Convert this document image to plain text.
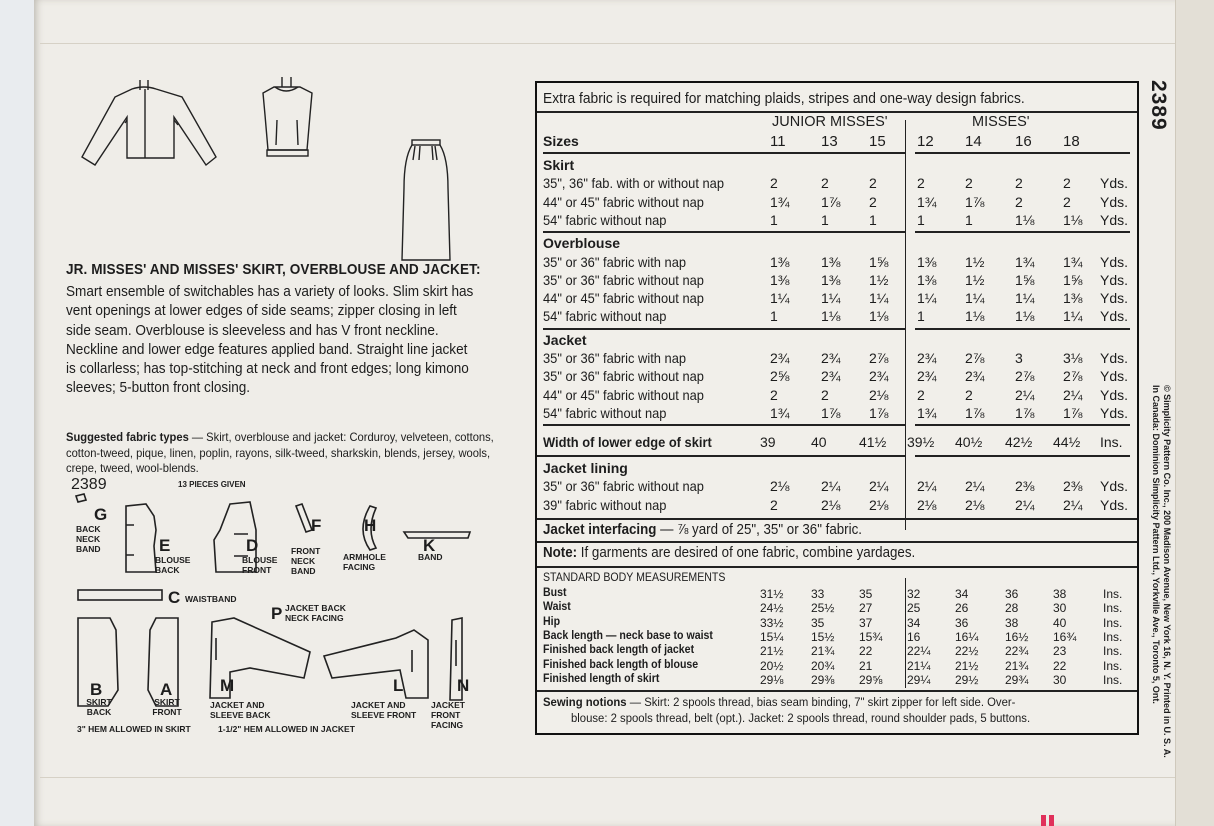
JR. MISSES' AND MISSES' SKIRT, OVERBLOUSE AND JACKET:
Smart ensemble of switchables has a variety of looks. Slim skirt has vent openings at lower edges of side seams; zipper closing in left side seam. Overblouse is sleeveless and has V front neckline. Neckline and lower edge features applied band. Straight line jacket is collarless; has top-stitching at neck and front edges; long kimono sleeves; 5-button front closing.
Suggested fabric types — Skirt, overblouse and jacket: Corduroy, velveteen, cottons, cotton-tweed, pique, linen, poplin, rayons, silk-tweed, sharkskin, blends, jersey, wools, crepe, tweed, wool-blends.
2389	13 PIECES GIVEN
G
BACK NECK BAND	E
BLOUSE BACK
D
BLOUSE FRONT
F
FRONT NECK BAND
H
ARMHOLE FACING
K
BAND
C WAISTBAND
P JACKET BACK NECK FACING
B
SKIRT BACK
A
SKIRT FRONT
M
JACKET AND SLEEVE BACK
L
JACKET AND SLEEVE FRONT
N
JACKET FRONT FACING
3" HEM ALLOWED IN SKIRT	1-1/2" HEM ALLOWED IN JACKET
Extra fabric is required for matching plaids, stripes and one-way design fabrics.
JUNIOR MISSES'	MISSES'
Sizes	11 13 15 12 14 16 18
Skirt
35", 36" fab. with or without nap	2	2	2	2	2	2	2 Yds.
44" or 45" fabric without nap	1¾ 1⅞ 2	1¾ 1⅞ 2	2 Yds.
54" fabric without nap	1	1	1	1	1	1⅛ 1⅛ Yds.
Overblouse
35" or 36" fabric with nap	1⅜ 1⅜ 1⅝ 1⅜ 1½ 1¾ 1¾ Yds.
35" or 36" fabric without nap	1⅜ 1⅜ 1½ 1⅜ 1½ 1⅝ 1⅝ Yds.
44" or 45" fabric without nap	1¼ 1¼ 1¼ 1¼ 1¼ 1¼ 1⅜ Yds.
54" fabric without nap	1	1⅛ 1⅛ 1	1⅛ 1⅛ 1¼ Yds.
Jacket
35" or 36" fabric with nap	2¾ 2¾ 2⅞ 2¾ 2⅞ 3	3⅛ Yds.
35" or 36" fabric without nap	2⅝ 2¾ 2¾ 2¾ 2¾ 2⅞ 2⅞ Yds.
44" or 45" fabric without nap	2	2	2⅛ 2	2	2¼ 2¼ Yds.
54" fabric without nap	1¾ 1⅞ 1⅞ 1¾ 1⅞ 1⅞ 1⅞ Yds.
Width of lower edge of skirt	39	40 41½ 39½ 40½ 42½ 44½ Ins.
Jacket lining
35" or 36" fabric without nap	2⅛ 2¼ 2¼ 2¼ 2¼ 2⅜ 2⅜ Yds.
39" fabric without nap	2	2⅛ 2⅛ 2⅛ 2⅛ 2¼ 2¼ Yds.
Jacket interfacing — ⅞ yard of 25", 35" or 36" fabric.
Note: If garments are desired of one fabric, combine yardages.
STANDARD BODY MEASUREMENTS
Bust	31½ 33	35	32	34	36	38	Ins.
Waist	24½ 25½ 27	25	26	28	30	Ins.
Hip	33½ 35	37	34	36	38	40	Ins.
Back length — neck base to waist	15¼ 15½ 15¾ 16	16¼ 16½ 16¾ Ins.
Finished back length of jacket	21½ 21¾ 22	22¼ 22½ 22¾ 23	Ins.
Finished back length of blouse	20½ 20¾ 21	21¼ 21½ 21¾ 22	Ins.
Finished length of skirt	29⅛ 29⅜ 29⅝ 29¼ 29½ 29¾ 30	Ins.
Sewing notions — Skirt: 2 spools thread, bias seam binding, 7" skirt zipper for left side. Over-
blouse: 2 spools thread, belt (opt.). Jacket: 2 spools thread, round shoulder pads, 5 buttons.
2389
© Simplicity Pattern Co. Inc., 200 Madison Avenue, New York 16, N. Y. Printed in U. S. A.
In Canada: Dominion Simplicity Pattern Ltd., Yorkville Ave., Toronto 5, Ont.
